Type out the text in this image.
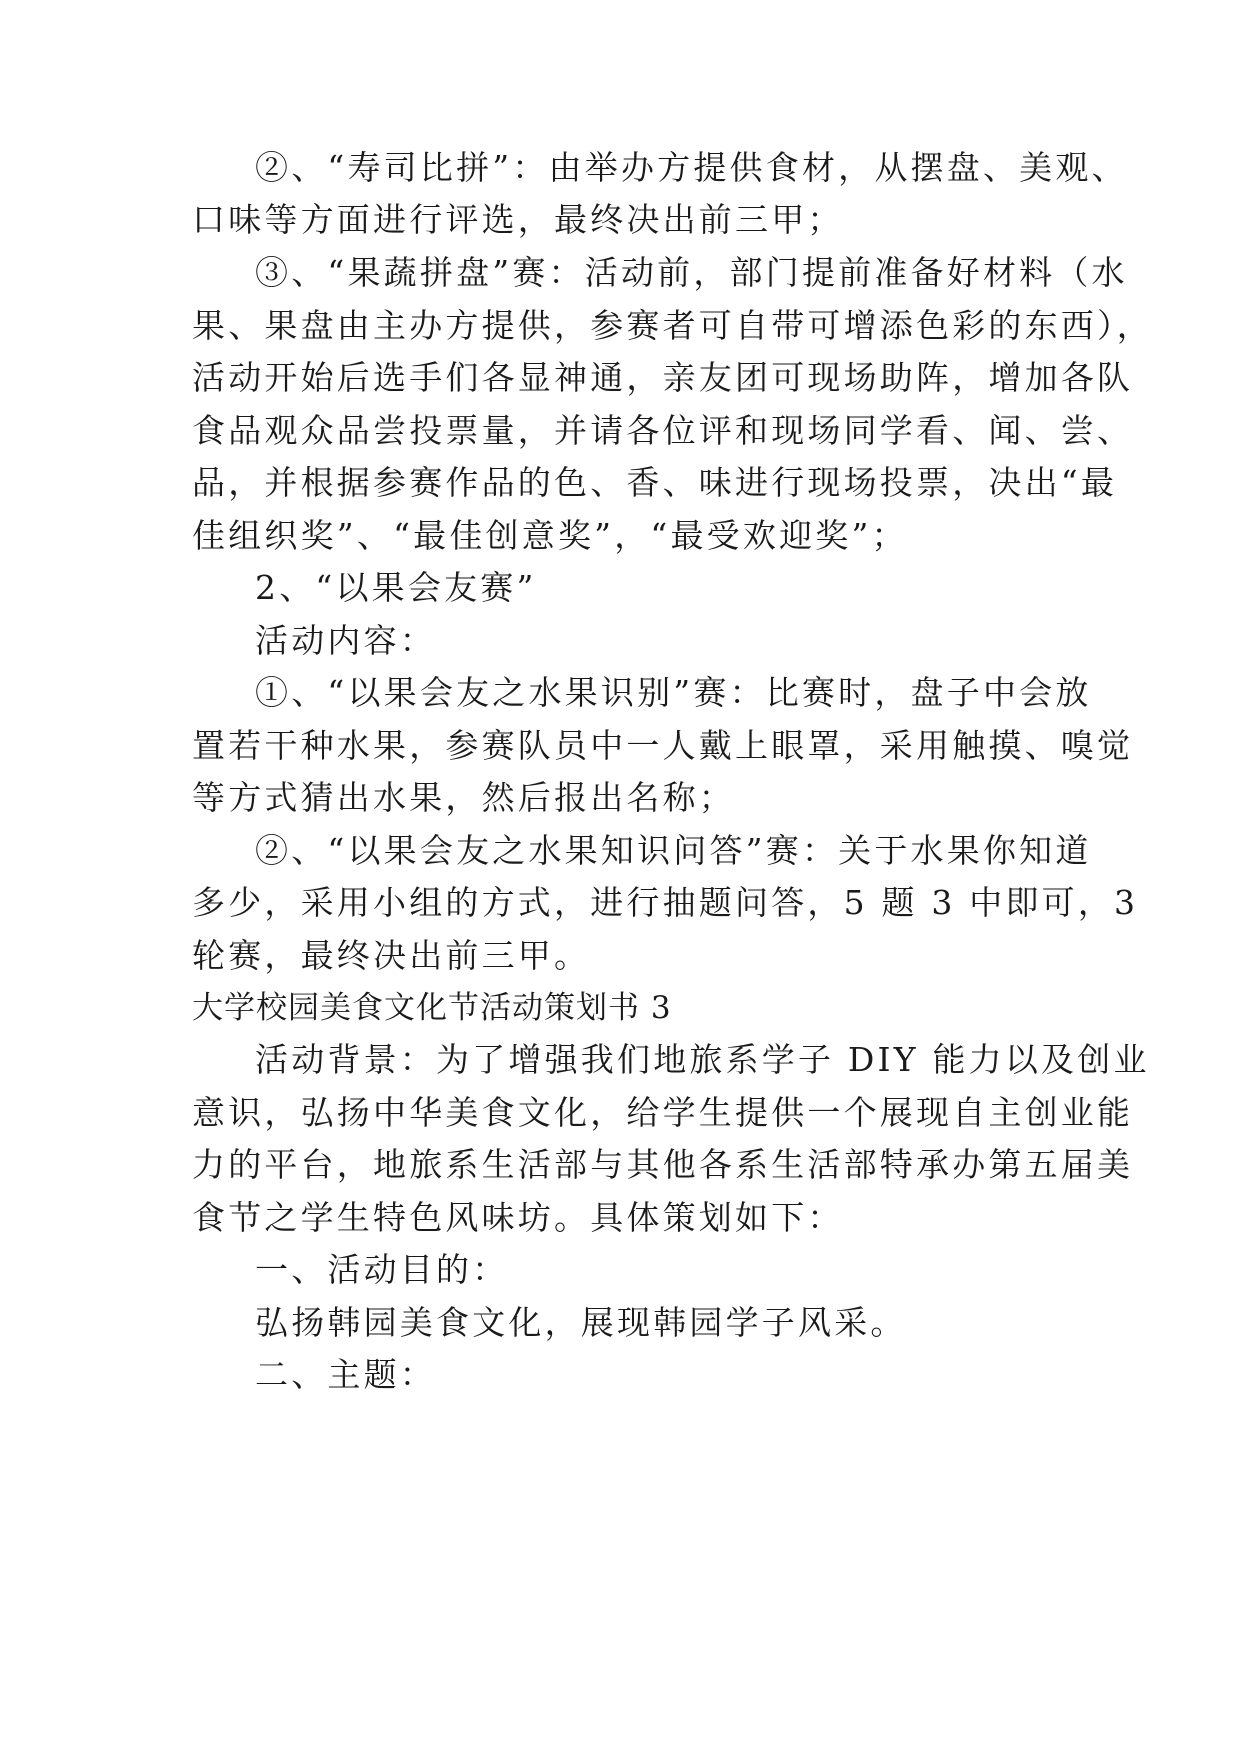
②、“寿司比拼”：由举办方提供食材，从摆盘、美观、
口味等方面进行评选，最终决出前三甲；
③、“果蔬拼盘”赛：活动前，部门提前准备好材料（水
果、果盘由主办方提供，参赛者可自带可增添色彩的东西），
活动开始后选手们各显神通，亲友团可现场助阵，增加各队
食品观众品尝投票量，并请各位评和现场同学看、闻、尝、
品，并根据参赛作品的色、香、味进行现场投票，决出“最
佳组织奖”、“最佳创意奖”，“最受欢迎奖”；
2、“以果会友赛”
活动内容：
①、“以果会友之水果识别”赛：比赛时，盘子中会放
置若干种水果，参赛队员中一人戴上眼罩，采用触摸、嗅觉
等方式猜出水果，然后报出名称；
②、“以果会友之水果知识问答”赛：关于水果你知道
多少，采用小组的方式，进行抽题问答，5 题 3 中即可，3
轮赛，最终决出前三甲。
大学校园美食文化节活动策划书 3
活动背景：为了增强我们地旅系学子 DIY 能力以及创业
意识，弘扬中华美食文化，给学生提供一个展现自主创业能
力的平台，地旅系生活部与其他各系生活部特承办第五届美
食节之学生特色风味坊。具体策划如下：
一、活动目的：
弘扬韩园美食文化，展现韩园学子风采。
二、主题：
